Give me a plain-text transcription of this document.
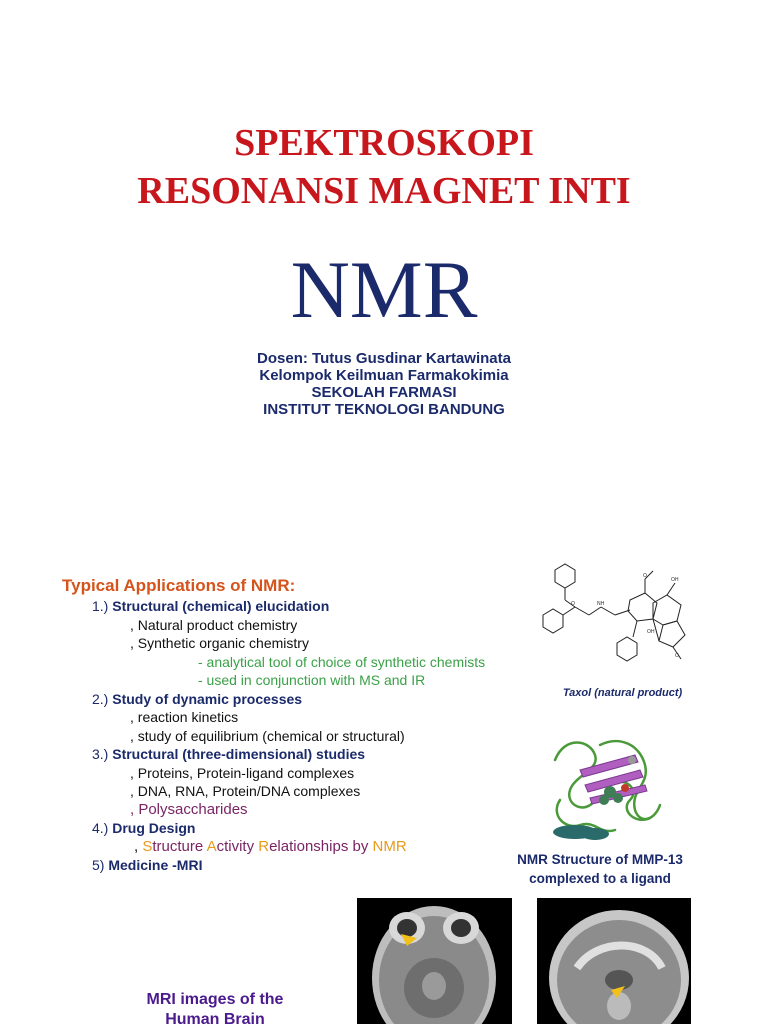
SPEKTROSKOPI
RESONANSI MAGNET INTI
NMR
Dosen: Tutus Gusdinar Kartawinata
Kelompok Keilmuan Farmakokimia
SEKOLAH FARMASI
INSTITUT TEKNOLOGI BANDUNG
Typical Applications of NMR:
1.) Structural (chemical) elucidation
, Natural product chemistry
, Synthetic organic chemistry
- analytical tool of choice of synthetic chemists
- used in conjunction with MS and IR
2.) Study of dynamic processes
, reaction kinetics
, study of equilibrium (chemical or structural)
3.) Structural (three-dimensional) studies
, Proteins, Protein-ligand complexes
, DNA, RNA, Protein/DNA complexes
, Polysaccharides
4.) Drug Design
, Structure Activity Relationships by NMR
5) Medicine -MRI
O	NH
O
OH
OH
O
Taxol (natural product)
NMR Structure of MMP-13
complexed to a ligand
MRI images of the
Human Brain
